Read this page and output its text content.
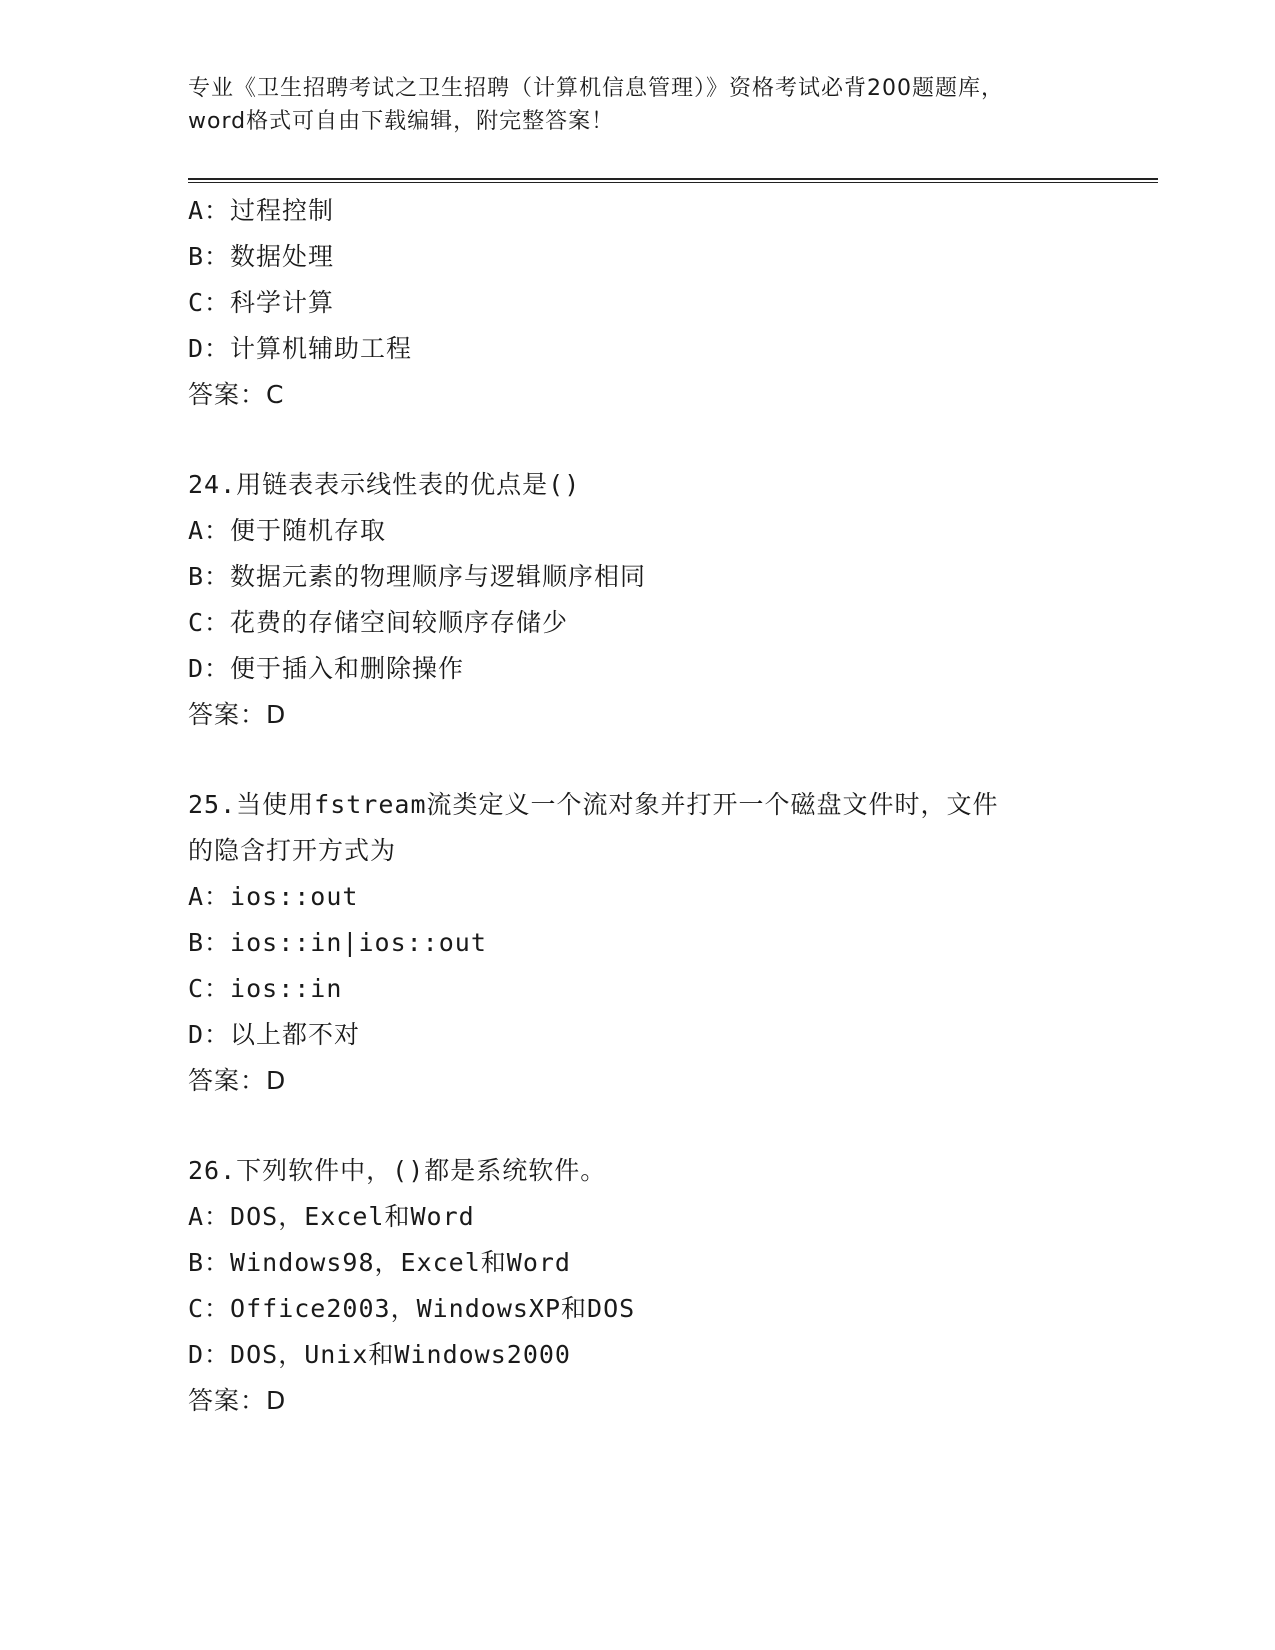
专业《卫生招聘考试之卫生招聘（计算机信息管理）》资格考试必背200题题库，
word格式可自由下载编辑，附完整答案！
A：过程控制
B：数据处理
C：科学计算
D：计算机辅助工程
答案：C
24.用链表表示线性表的优点是()
A：便于随机存取
B：数据元素的物理顺序与逻辑顺序相同
C：花费的存储空间较顺序存储少
D：便于插入和删除操作
答案：D
25.当使用fstream流类定义一个流对象并打开一个磁盘文件时，文件
的隐含打开方式为
A：ios::out
B：ios::in|ios::out
C：ios::in
D：以上都不对
答案：D
26.下列软件中，()都是系统软件。
A：DOS，Excel和Word
B：Windows98，Excel和Word
C：Office2003，WindowsXP和DOS
D：DOS，Unix和Windows2000
答案：D
